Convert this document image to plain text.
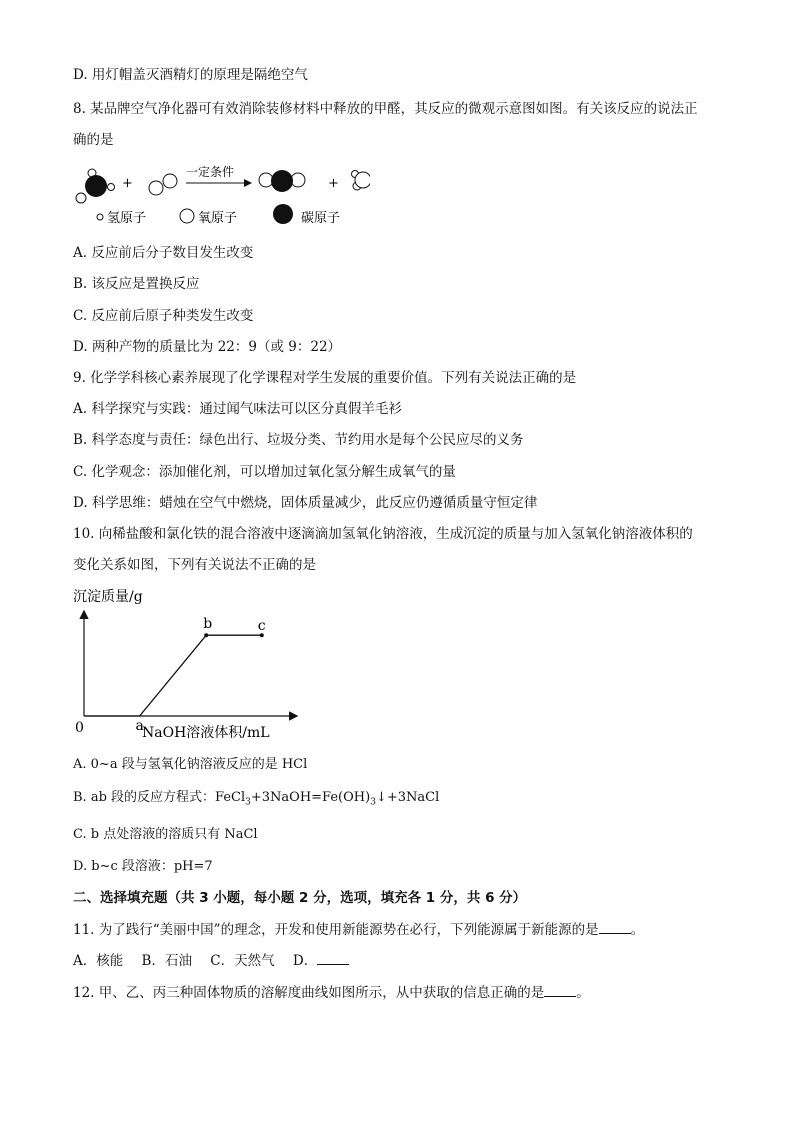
D. 用灯帽盖灭酒精灯的原理是隔绝空气
8. 某品牌空气净化器可有效消除装修材料中释放的甲醛，其反应的微观示意图如图。有关该反应的说法正
确的是
+
一定条件
+
氢原子	氧原子	碳原子
A. 反应前后分子数目发生改变
B. 该反应是置换反应
C. 反应前后原子种类发生改变
D. 两种产物的质量比为 22：9（或 9：22）
9. 化学学科核心素养展现了化学课程对学生发展的重要价值。下列有关说法正确的是
A. 科学探究与实践：通过闻气味法可以区分真假羊毛衫
B. 科学态度与责任：绿色出行、垃圾分类、节约用水是每个公民应尽的义务
C. 化学观念：添加催化剂，可以增加过氧化氢分解生成氧气的量
D. 科学思维：蜡烛在空气中燃烧，固体质量减少，此反应仍遵循质量守恒定律
10. 向稀盐酸和氯化铁的混合溶液中逐滴滴加氢氧化钠溶液，生成沉淀的质量与加入氢氧化钠溶液体积的
变化关系如图，下列有关说法不正确的是
沉淀质量/g
0	NaOH溶液体积/mL
a
b	c
A. 0~a 段与氢氧化钠溶液反应的是 HCl
B. ab 段的反应方程式：$FeCl_3+3NaOH=Fe(OH)_3↓+3NaCl$
C. b 点处溶液的溶质只有 NaCl
D. b~c 段溶液：pH=7
二、选择填充题（共 3 小题，每小题 2 分，选项，填充各 1 分，共 6 分）
11. 为了践行“美丽中国”的理念，开发和使用新能源势在必行，下列能源属于新能源的是 。
A．核能 B．石油 C．天然气 D．
12. 甲、乙、丙三种固体物质的溶解度曲线如图所示，从中获取的信息正确的是 。
